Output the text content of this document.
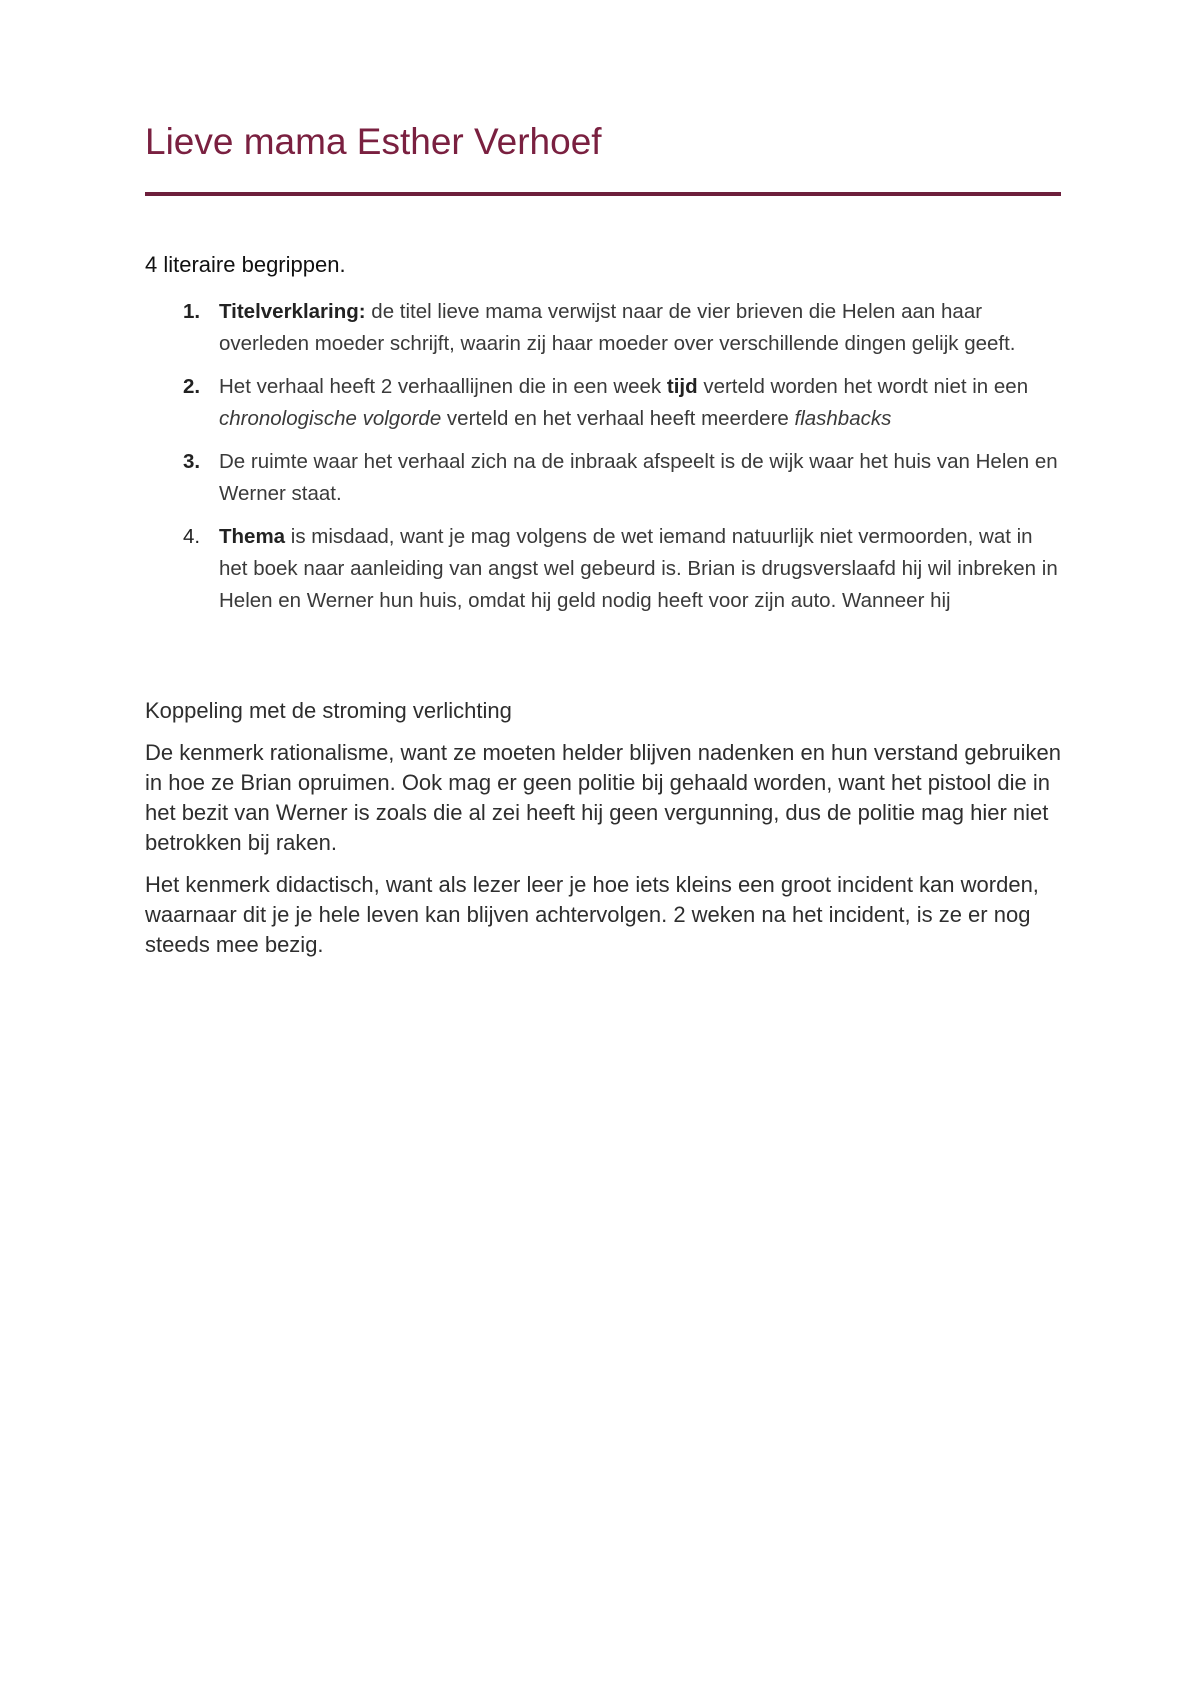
Lieve mama Esther Verhoef

4 literaire begrippen.

1. Titelverklaring: de titel lieve mama verwijst naar de vier brieven die Helen aan haar overleden moeder schrijft, waarin zij haar moeder over verschillende dingen gelijk geeft.
2. Het verhaal heeft 2 verhaallijnen die in een week tijd verteld worden het wordt niet in een chronologische volgorde verteld en het verhaal heeft meerdere flashbacks
3. De ruimte waar het verhaal zich na de inbraak afspeelt is de wijk waar het huis van Helen en Werner staat.
4. Thema is misdaad, want je mag volgens de wet iemand natuurlijk niet vermoorden, wat in het boek naar aanleiding van angst wel gebeurd is. Brian is drugsverslaafd hij wil inbreken in Helen en Werner hun huis, omdat hij geld nodig heeft voor zijn auto. Wanneer hij

Koppeling met de stroming verlichting

De kenmerk rationalisme, want ze moeten helder blijven nadenken en hun verstand gebruiken in hoe ze Brian opruimen. Ook mag er geen politie bij gehaald worden, want het pistool die in het bezit van Werner is zoals die al zei heeft hij geen vergunning, dus de politie mag hier niet betrokken bij raken.

Het kenmerk didactisch, want als lezer leer je hoe iets kleins een groot incident kan worden, waarnaar dit je je hele leven kan blijven achtervolgen. 2 weken na het incident, is ze er nog steeds mee bezig.
